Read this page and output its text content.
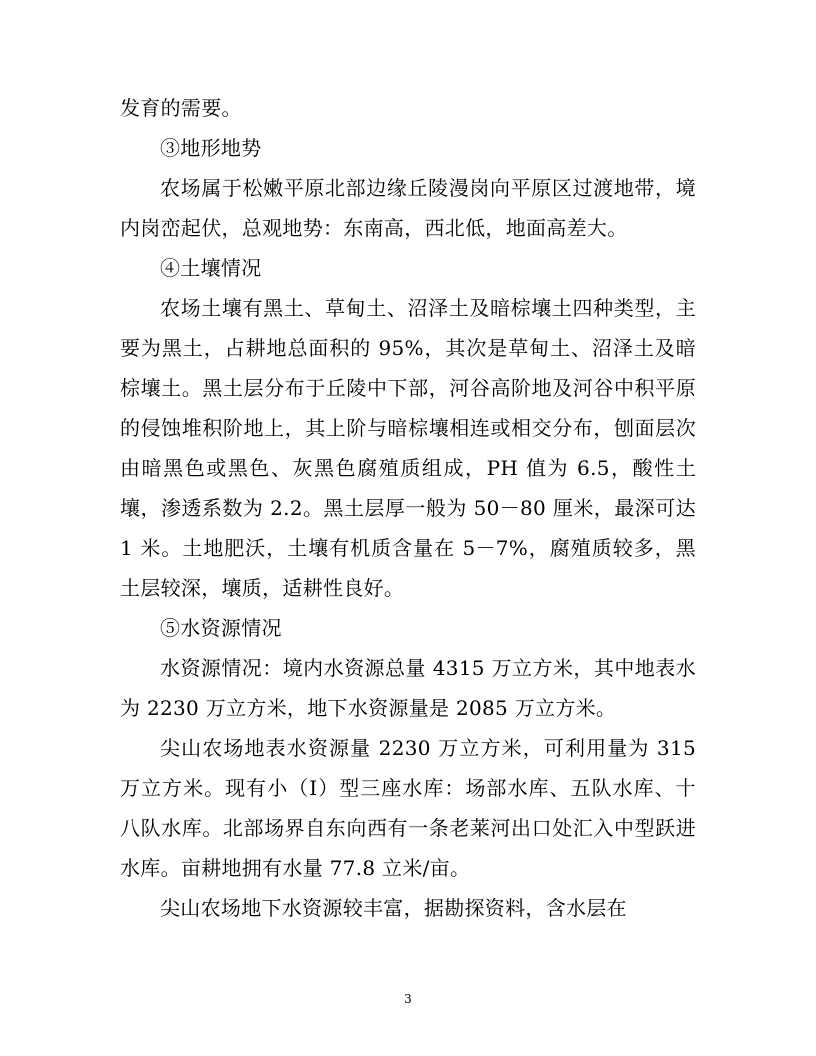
发育的需要。

③地形地势

农场属于松嫩平原北部边缘丘陵漫岗向平原区过渡地带，境内岗峦起伏，总观地势：东南高，西北低，地面高差大。

④土壤情况

农场土壤有黑土、草甸土、沼泽土及暗棕壤土四种类型，主要为黑土，占耕地总面积的 95%，其次是草甸土、沼泽土及暗棕壤土。黑土层分布于丘陵中下部，河谷高阶地及河谷中积平原的侵蚀堆积阶地上，其上阶与暗棕壤相连或相交分布，刨面层次由暗黑色或黑色、灰黑色腐殖质组成，PH 值为 6.5，酸性土壤，渗透系数为 2.2。黑土层厚一般为 50－80 厘米，最深可达 1 米。土地肥沃，土壤有机质含量在 5－7%，腐殖质较多，黑土层较深，壤质，适耕性良好。

⑤水资源情况

水资源情况：境内水资源总量 4315 万立方米，其中地表水为 2230 万立方米，地下水资源量是 2085 万立方米。

尖山农场地表水资源量 2230 万立方米，可利用量为 315 万立方米。现有小（I）型三座水库：场部水库、五队水库、十八队水库。北部场界自东向西有一条老莱河出口处汇入中型跃进水库。亩耕地拥有水量 77.8 立米/亩。

尖山农场地下水资源较丰富，据勘探资料，含水层在

3
